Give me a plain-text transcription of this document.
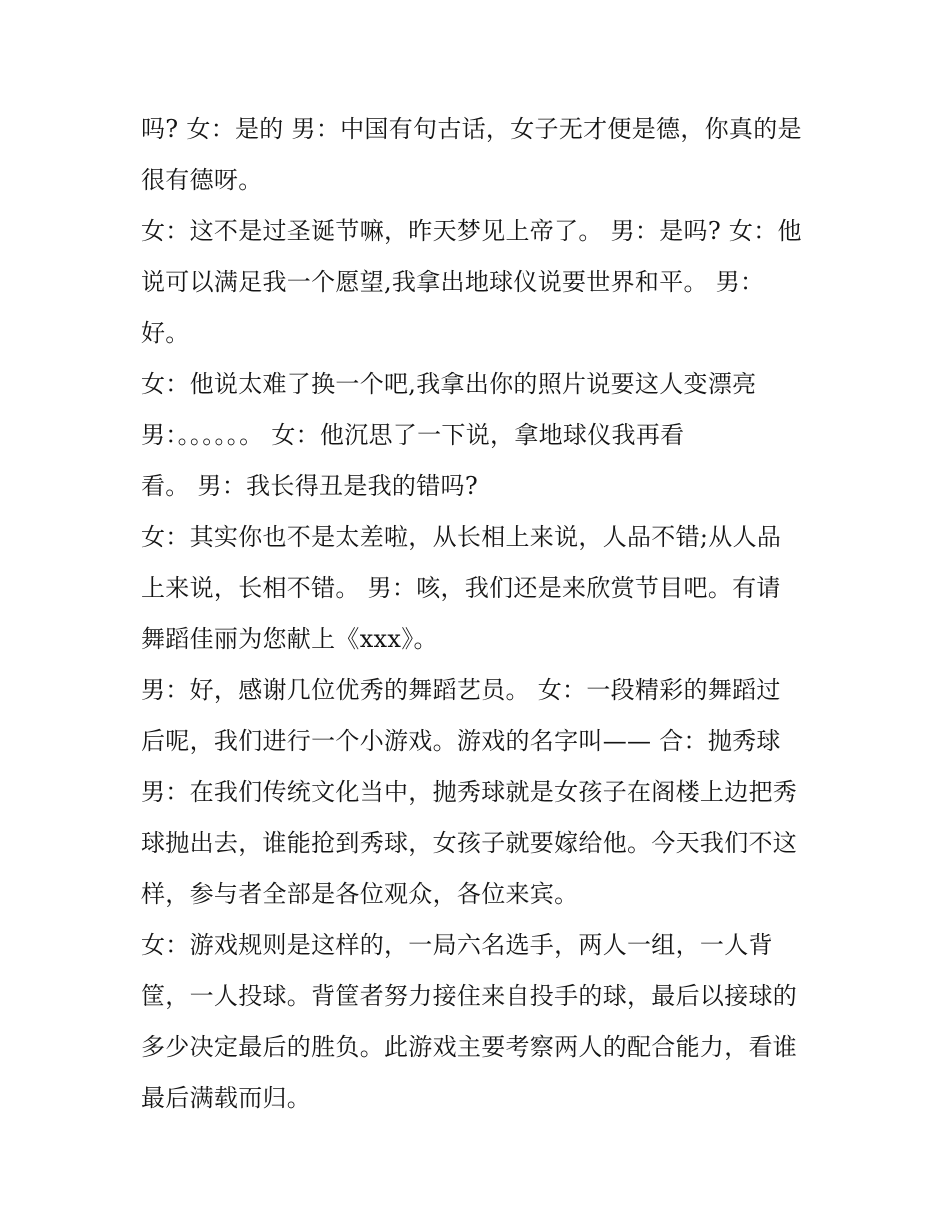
吗? 女：是的 男：中国有句古话，女子无才便是德，你真的是
很有德呀。
女：这不是过圣诞节嘛，昨天梦见上帝了。 男：是吗? 女：他
说可以满足我一个愿望,我拿出地球仪说要世界和平。 男：
好。
女：他说太难了换一个吧,我拿出你的照片说要这人变漂亮
男：。。。。。。 女：他沉思了一下说，拿地球仪我再看
看。 男：我长得丑是我的错吗?
女：其实你也不是太差啦，从长相上来说，人品不错;从人品
上来说，长相不错。 男：咳，我们还是来欣赏节目吧。有请
舞蹈佳丽为您献上《xxx》。
男：好，感谢几位优秀的舞蹈艺员。 女：一段精彩的舞蹈过
后呢，我们进行一个小游戏。游戏的名字叫—— 合：抛秀球
男：在我们传统文化当中，抛秀球就是女孩子在阁楼上边把秀
球抛出去，谁能抢到秀球，女孩子就要嫁给他。今天我们不这
样，参与者全部是各位观众，各位来宾。
女：游戏规则是这样的，一局六名选手，两人一组，一人背
筐，一人投球。背筐者努力接住来自投手的球，最后以接球的
多少决定最后的胜负。此游戏主要考察两人的配合能力，看谁
最后满载而归。
